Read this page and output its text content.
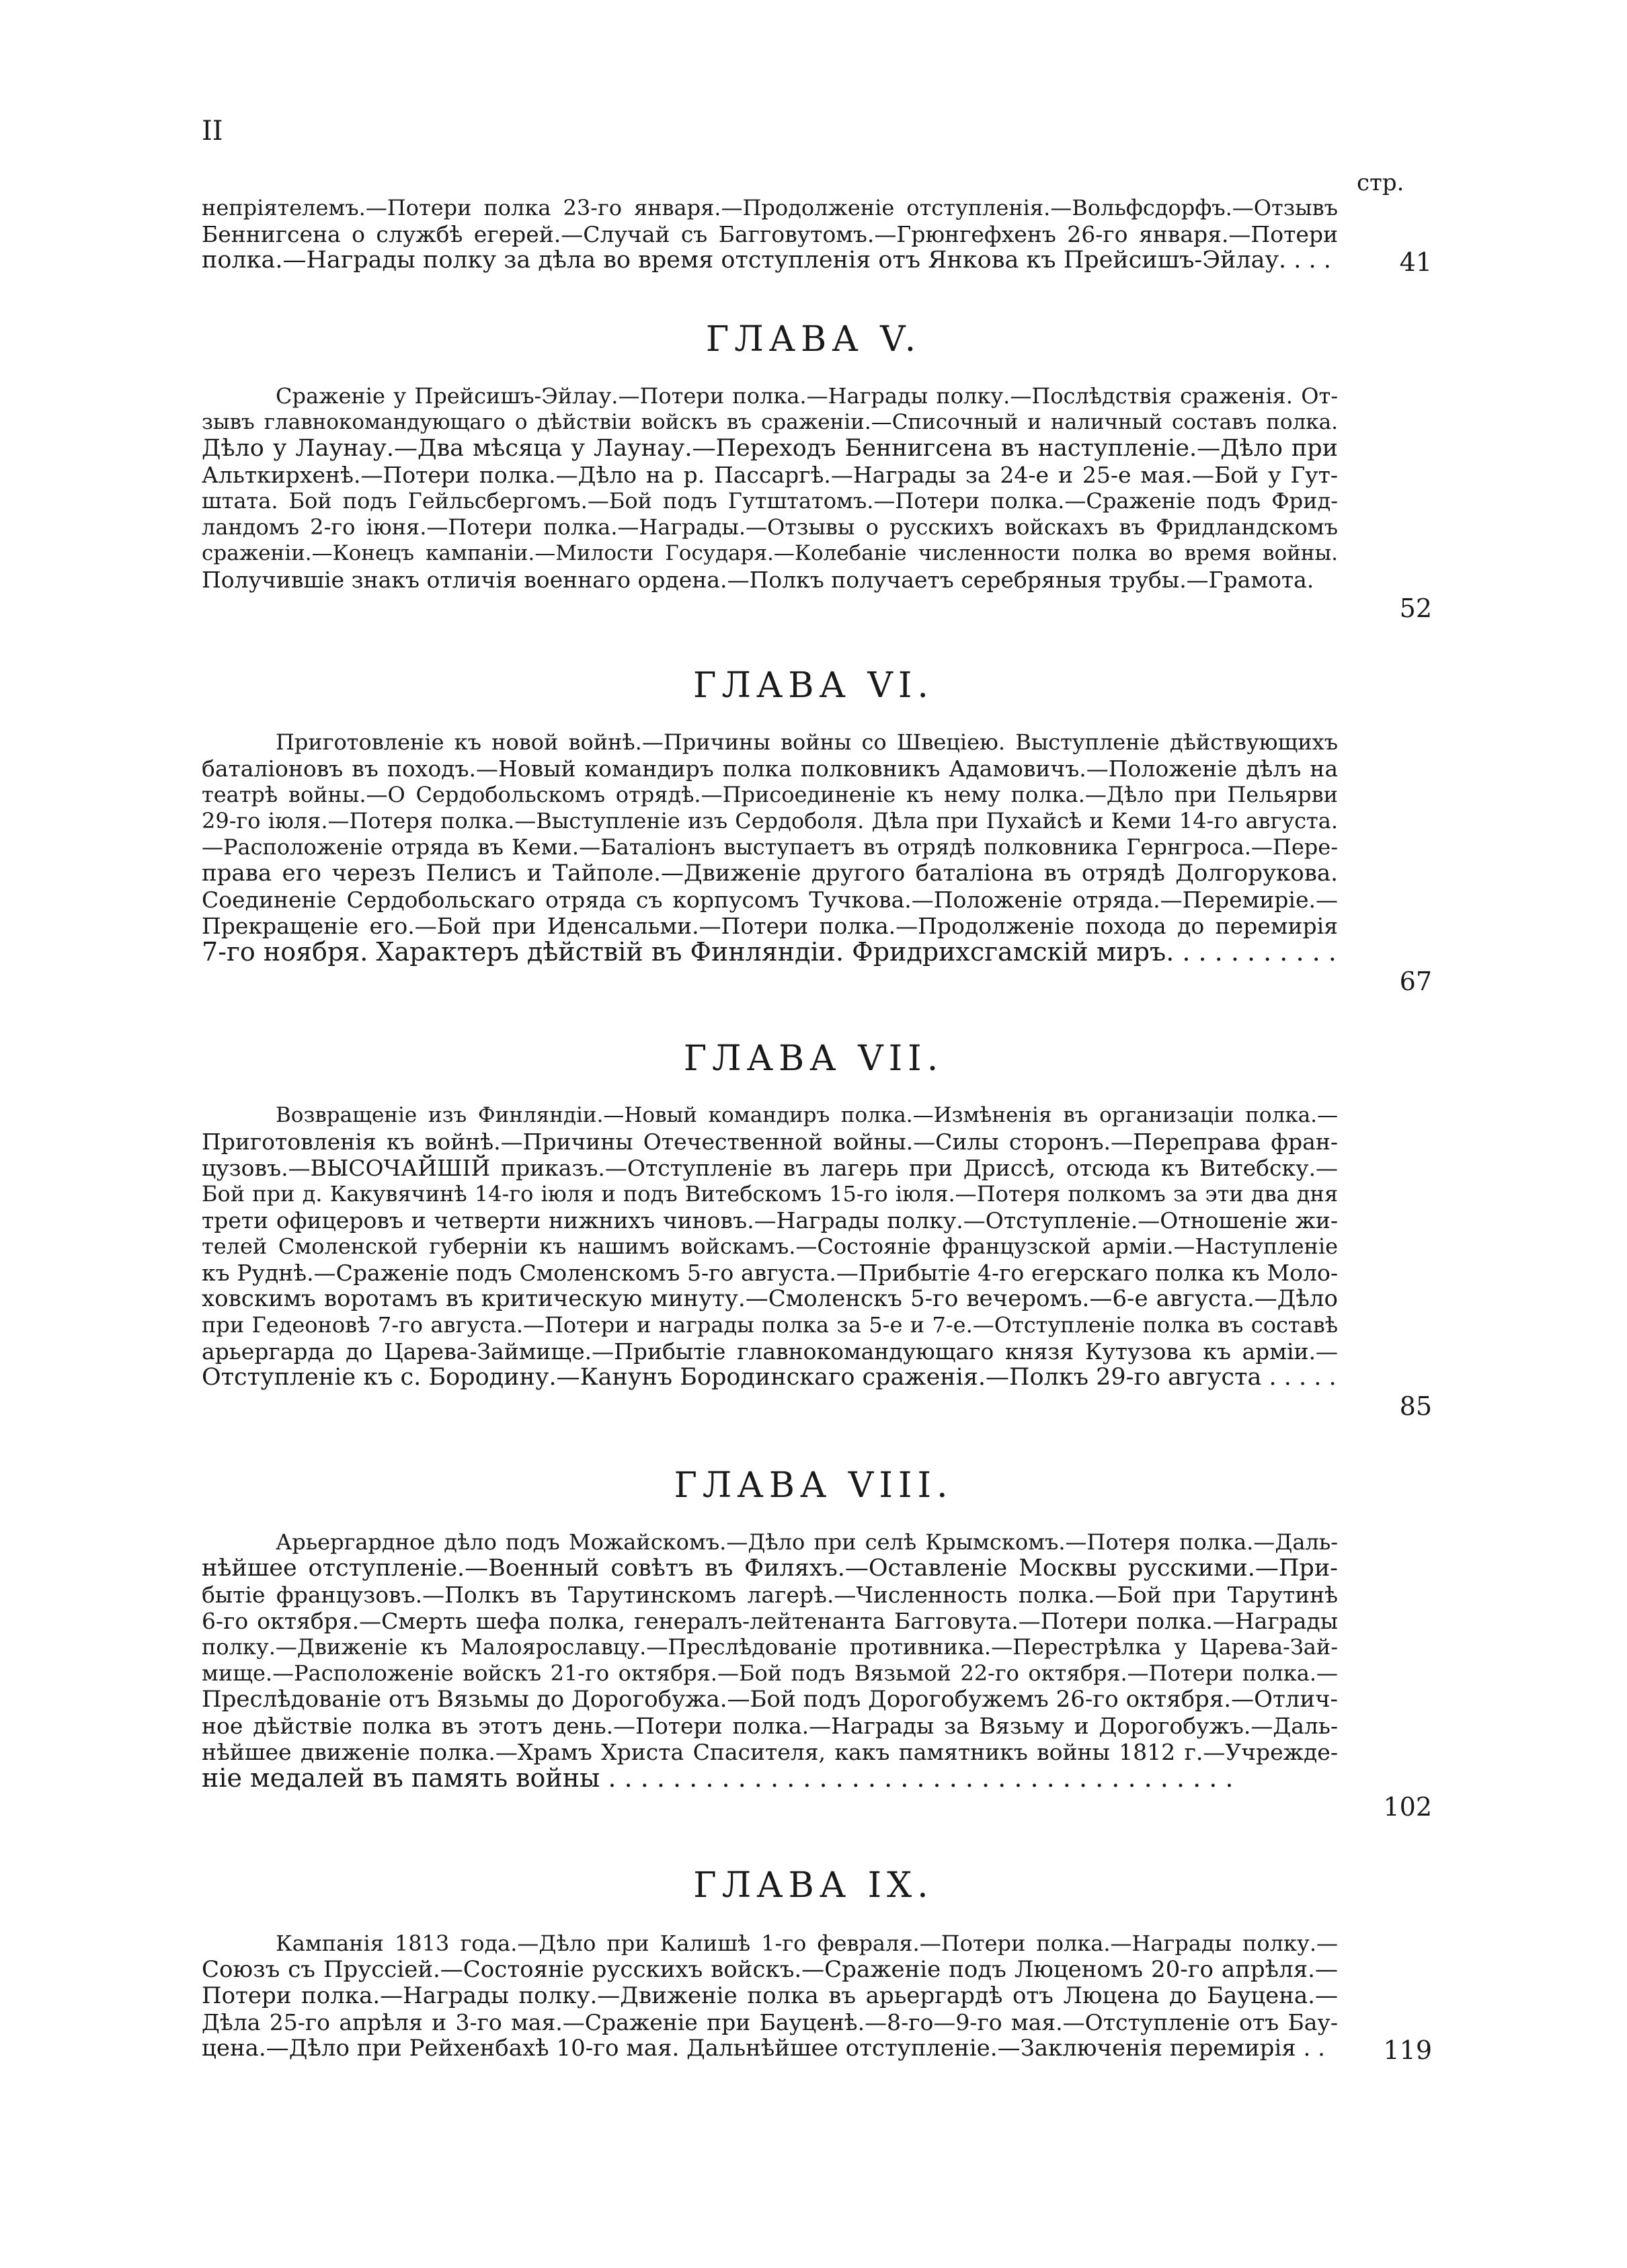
II
стр.
непріятелемъ.—Потери полка 23-го января.—Продолженіе отступленія.—Вольфсдорфъ.—Отзывъ
Беннигсена о службѣ егерей.—Случай съ Багговутомъ.—Грюнгефхенъ 26-го января.—Потери
полка.—Награды полку за дѣла во время отступленія отъ Янкова къ Прейсишъ-Эйлау. . . .	41
ГЛАВА V.
Сраженіе у Прейсишъ-Эйлау.—Потери полка.—Награды полку.—Послѣдствія сраженія. От-
зывъ главнокомандующаго о дѣйствіи войскъ въ сраженіи.—Списочный и наличный составъ полка.
Дѣло у Лаунау.—Два мѣсяца у Лаунау.—Переходъ Беннигсена въ наступленіе.—Дѣло при
Альткирхенѣ.—Потери полка.—Дѣло на р. Пассаргѣ.—Награды за 24-е и 25-е мая.—Бой у Гут-
штата. Бой подъ Гейльсбергомъ.—Бой подъ Гутштатомъ.—Потери полка.—Сраженіе подъ Фрид-
ландомъ 2-го іюня.—Потери полка.—Награды.—Отзывы о русскихъ войскахъ въ Фридландскомъ
сраженіи.—Конецъ кампаніи.—Милости Государя.—Колебаніе численности полка во время войны.
Получившіе знакъ отличія военнаго ордена.—Полкъ получаетъ серебряныя трубы.—Грамота.
52
ГЛАВА VI.
Приготовленіе къ новой войнѣ.—Причины войны со Швеціею. Выступленіе дѣйствующихъ
баталіоновъ въ походъ.—Новый командиръ полка полковникъ Адамовичъ.—Положеніе дѣлъ на
театрѣ войны.—О Сердобольскомъ отрядѣ.—Присоединеніе къ нему полка.—Дѣло при Пельярви
29-го іюля.—Потеря полка.—Выступленіе изъ Сердоболя. Дѣла при Пухайсѣ и Кеми 14-го августа.
—Расположеніе отряда въ Кеми.—Баталіонъ выступаетъ въ отрядѣ полковника Гернгроса.—Пере-
права его черезъ Пелисъ и Тайполе.—Движеніе другого баталіона въ отрядѣ Долгорукова.
Соединеніе Сердобольскаго отряда съ корпусомъ Тучкова.—Положеніе отряда.—Перемиріе.—
Прекращеніе его.—Бой при Иденсальми.—Потери полка.—Продолженіе похода до перемирія
7-го ноября. Характеръ дѣйствій въ Финляндіи. Фридрихсгамскій миръ. . . . . . . . . . .
67
ГЛАВА VII.
Возвращеніе изъ Финляндіи.—Новый командиръ полка.—Измѣненія въ организаціи полка.—
Приготовленія къ войнѣ.—Причины Отечественной войны.—Силы сторонъ.—Переправа фран-
цузовъ.—ВЫСОЧАЙШІЙ приказъ.—Отступленіе въ лагерь при Дриссѣ, отсюда къ Витебску.—
Бой при д. Какувячинѣ 14-го іюля и подъ Витебскомъ 15-го іюля.—Потеря полкомъ за эти два дня
трети офицеровъ и четверти нижнихъ чиновъ.—Награды полку.—Отступленіе.—Отношеніе жи-
телей Смоленской губерніи къ нашимъ войскамъ.—Состояніе французской арміи.—Наступленіе
къ Руднѣ.—Сраженіе подъ Смоленскомъ 5-го августа.—Прибытіе 4-го егерскаго полка къ Моло-
ховскимъ воротамъ въ критическую минуту.—Смоленскъ 5-го вечеромъ.—6-е августа.—Дѣло
при Гедеоновѣ 7-го августа.—Потери и награды полка за 5-е и 7-е.—Отступленіе полка въ составѣ
арьергарда до Царева-Займище.—Прибытіе главнокомандующаго князя Кутузова къ арміи.—
Отступленіе къ с. Бородину.—Канунъ Бородинскаго сраженія.—Полкъ 29-го августа . . . . .
85
ГЛАВА VIII.
Арьергардное дѣло подъ Можайскомъ.—Дѣло при селѣ Крымскомъ.—Потеря полка.—Даль-
нѣйшее отступленіе.—Военный совѣтъ въ Филяхъ.—Оставленіе Москвы русскими.—При-
бытіе французовъ.—Полкъ въ Тарутинскомъ лагерѣ.—Численность полка.—Бой при Тарутинѣ
6-го октября.—Смерть шефа полка, генералъ-лейтенанта Багговута.—Потери полка.—Награды
полку.—Движеніе къ Малоярославцу.—Преслѣдованіе противника.—Перестрѣлка у Царева-Зай-
мище.—Расположеніе войскъ 21-го октября.—Бой подъ Вязьмой 22-го октября.—Потери полка.—
Преслѣдованіе отъ Вязьмы до Дорогобужа.—Бой подъ Дорогобужемъ 26-го октября.—Отлич-
ное дѣйствіе полка въ этотъ день.—Потери полка.—Награды за Вязьму и Дорогобужъ.—Даль-
нѣйшее движеніе полка.—Храмъ Христа Спасителя, какъ памятникъ войны 1812 г.—Учрежде-
ніе медалей въ память войны . . . . . . . . . . . . . . . . . . . . . . . . . . . . . . . . . . . . . . .
102
ГЛАВА IX.
Кампанія 1813 года.—Дѣло при Калишѣ 1-го февраля.—Потери полка.—Награды полку.—
Союзъ съ Пруссіей.—Состояніе русскихъ войскъ.—Сраженіе подъ Люценомъ 20-го апрѣля.—
Потери полка.—Награды полку.—Движеніе полка въ арьергардѣ отъ Люцена до Бауцена.—
Дѣла 25-го апрѣля и 3-го мая.—Сраженіе при Бауценѣ.—8-го—9-го мая.—Отступленіе отъ Бау-
цена.—Дѣло при Рейхенбахѣ 10-го мая. Дальнѣйшее отступленіе.—Заключенія перемирія . .	119
